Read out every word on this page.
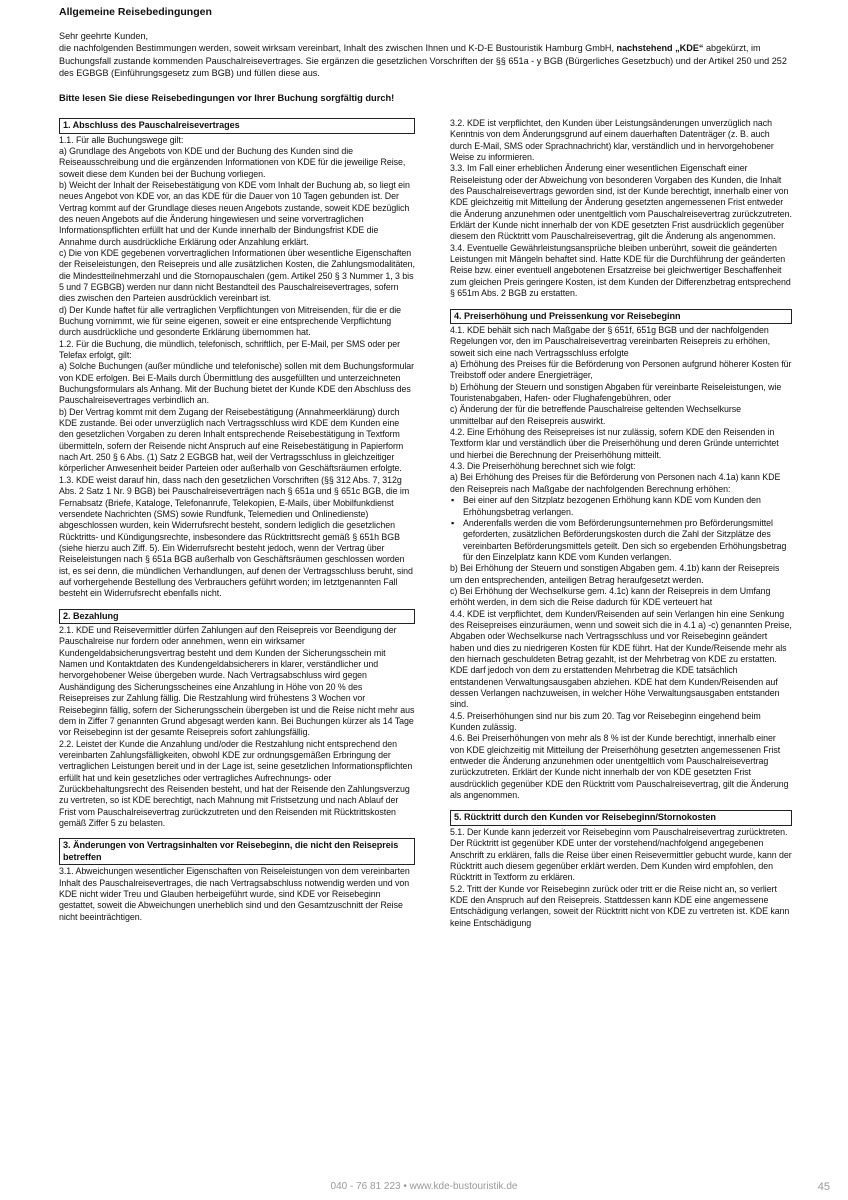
Allgemeine Reisebedingungen

Sehr geehrte Kunden,

die nachfolgenden Bestimmungen werden, soweit wirksam vereinbart, Inhalt des zwischen Ihnen und K-D-E Bustouristik Hamburg GmbH, nachstehend „KDE“ abgekürzt, im Buchungsfall zustande kommenden Pauschalreisevertrages. Sie ergänzen die gesetzlichen Vorschriften der §§ 651a - y BGB (Bürgerliches Gesetzbuch) und der Artikel 250 und 252 des EGBGB (Einführungsgesetz zum BGB) und füllen diese aus.

Bitte lesen Sie diese Reisebedingungen vor Ihrer Buchung sorgfältig durch!
1. Abschluss des Pauschalreisevertrages

1.1. Für alle Buchungswege gilt:

a) Grundlage des Angebots von KDE und der Buchung des Kunden sind die Reiseausschreibung und die ergänzenden Informationen von KDE für die jeweilige Reise, soweit diese dem Kunden bei der Buchung vorliegen.

b) Weicht der Inhalt der Reisebestätigung von KDE vom Inhalt der Buchung ab, so liegt ein neues Angebot von KDE vor, an das KDE für die Dauer von 10 Tagen gebunden ist. Der Vertrag kommt auf der Grundlage dieses neuen Angebots zustande, soweit KDE bezüglich des neuen Angebots auf die Änderung hingewiesen und seine vorvertraglichen Informationspflichten erfüllt hat und der Kunde innerhalb der Bindungsfrist KDE die Annahme durch ausdrückliche Erklärung oder Anzahlung erklärt.

c) Die von KDE gegebenen vorvertraglichen Informationen über wesentliche Eigenschaften der Reiseleistungen, den Reisepreis und alle zusätzlichen Kosten, die Zahlungsmodalitäten, die Mindestteilnehmerzahl und die Stornopauschalen (gem. Artikel 250 § 3 Nummer 1, 3 bis 5 und 7 EGBGB) werden nur dann nicht Bestandteil des Pauschalreisevertrages, sofern dies zwischen den Parteien ausdrücklich vereinbart ist.

d) Der Kunde haftet für alle vertraglichen Verpflichtungen von Mitreisenden, für die er die Buchung vornimmt, wie für seine eigenen, soweit er eine entsprechende Verpflichtung durch ausdrückliche und gesonderte Erklärung übernommen hat.

1.2. Für die Buchung, die mündlich, telefonisch, schriftlich, per E-Mail, per SMS oder per Telefax erfolgt, gilt:

a) Solche Buchungen (außer mündliche und telefonische) sollen mit dem Buchungsformular von KDE erfolgen. Bei E-Mails durch Übermittlung des ausgefüllten und unterzeichneten Buchungsformulars als Anhang. Mit der Buchung bietet der Kunde KDE den Abschluss des Pauschalreisevertrages verbindlich an.

b) Der Vertrag kommt mit dem Zugang der Reisebestätigung (Annahmeerklärung) durch KDE zustande. Bei oder unverzüglich nach Vertragsschluss wird KDE dem Kunden eine den gesetzlichen Vorgaben zu deren Inhalt entsprechende Reisebestätigung in Textform übermitteln, sofern der Reisende nicht Anspruch auf eine Reisebestätigung in Papierform nach Art. 250 § 6 Abs. (1) Satz 2 EGBGB hat, weil der Vertragsschluss in gleichzeitiger körperlicher Anwesenheit beider Parteien oder außerhalb von Geschäftsräumen erfolgte.

1.3. KDE weist darauf hin, dass nach den gesetzlichen Vorschriften (§§ 312 Abs. 7, 312g Abs. 2 Satz 1 Nr. 9 BGB) bei Pauschalreiseverträgen nach § 651a und § 651c BGB, die im Fernabsatz (Briefe, Kataloge, Telefonanrufe, Telekopien, E-Mails, über Mobilfunkdienst versendete Nachrichten (SMS) sowie Rundfunk, Telemedien und Onlinedienste) abgeschlossen wurden, kein Widerrufsrecht besteht, sondern lediglich die gesetzlichen Rücktritts- und Kündigungsrechte, insbesondere das Rücktrittsrecht gemäß § 651h BGB (siehe hierzu auch Ziff. 5). Ein Widerrufsrecht besteht jedoch, wenn der Vertrag über Reiseleistungen nach § 651a BGB außerhalb von Geschäftsräumen geschlossen worden ist, es sei denn, die mündlichen Verhandlungen, auf denen der Vertragsschluss beruht, sind auf vorhergehende Bestellung des Verbrauchers geführt worden; im letztgenannten Fall besteht ein Widerrufsrecht ebenfalls nicht.

2. Bezahlung

2.1. KDE und Reisevermittler dürfen Zahlungen auf den Reisepreis vor Beendigung der Pauschalreise nur fordern oder annehmen, wenn ein wirksamer Kundengeldabsicherungsvertrag besteht und dem Kunden der Sicherungsschein mit Namen und Kontaktdaten des Kundengeldabsicherers in klarer, verständlicher und hervorgehobener Weise übergeben wurde. Nach Vertragsabschluss wird gegen Aushändigung des Sicherungsscheines eine Anzahlung in Höhe von 20 % des Reisepreises zur Zahlung fällig. Die Restzahlung wird frühestens 3 Wochen vor Reisebeginn fällig, sofern der Sicherungsschein übergeben ist und die Reise nicht mehr aus dem in Ziffer 7 genannten Grund abgesagt werden kann. Bei Buchungen kürzer als 14 Tage vor Reisebeginn ist der gesamte Reisepreis sofort zahlungsfällig.

2.2. Leistet der Kunde die Anzahlung und/oder die Restzahlung nicht entsprechend den vereinbarten Zahlungsfälligkeiten, obwohl KDE zur ordnungsgemäßen Erbringung der vertraglichen Leistungen bereit und in der Lage ist, seine gesetzlichen Informationspflichten erfüllt hat und kein gesetzliches oder vertragliches Aufrechnungs- oder Zurückbehaltungsrecht des Reisenden besteht, und hat der Reisende den Zahlungsverzug zu vertreten, so ist KDE berechtigt, nach Mahnung mit Fristsetzung und nach Ablauf der Frist vom Pauschalreisevertrag zurückzutreten und den Reisenden mit Rücktrittskosten gemäß Ziffer 5 zu belasten.

3. Änderungen von Vertragsinhalten vor Reisebeginn, die nicht den Reisepreis betreffen

3.1. Abweichungen wesentlicher Eigenschaften von Reiseleistungen von dem vereinbarten Inhalt des Pauschalreisevertrages, die nach Vertragsabschluss notwendig werden und von KDE nicht wider Treu und Glauben herbeigeführt wurde, sind KDE vor Reisebeginn gestattet, soweit die Abweichungen unerheblich sind und den Gesamtzuschnitt der Reise nicht beeinträchtigen.

3.2. KDE ist verpflichtet, den Kunden über Leistungsänderungen unverzüglich nach Kenntnis von dem Änderungsgrund auf einem dauerhaften Datenträger (z. B. auch durch E-Mail, SMS oder Sprachnachricht) klar, verständlich und in hervorgehobener Weise zu informieren.

3.3. Im Fall einer erheblichen Änderung einer wesentlichen Eigenschaft einer Reiseleistung oder der Abweichung von besonderen Vorgaben des Kunden, die Inhalt des Pauschalreisevertrags geworden sind, ist der Kunde berechtigt, innerhalb einer von KDE gleichzeitig mit Mitteilung der Änderung gesetzten angemessenen Frist entweder die Änderung anzunehmen oder unentgeltlich vom Pauschalreisevertrag zurückzutreten. Erklärt der Kunde nicht innerhalb der von KDE gesetzten Frist ausdrücklich gegenüber diesem den Rücktritt vom Pauschalreisevertrag, gilt die Änderung als angenommen.

3.4. Eventuelle Gewährleistungsansprüche bleiben unberührt, soweit die geänderten Leistungen mit Mängeln behaftet sind. Hatte KDE für die Durchführung der geänderten Reise bzw. einer eventuell angebotenen Ersatzreise bei gleichwertiger Beschaffenheit zum gleichen Preis geringere Kosten, ist dem Kunden der Differenzbetrag entsprechend § 651m Abs. 2 BGB zu erstatten.

4. Preiserhöhung und Preissenkung vor Reisebeginn

4.1. KDE behält sich nach Maßgabe der § 651f, 651g BGB und der nachfolgenden Regelungen vor, den im Pauschalreisevertrag vereinbarten Reisepreis zu erhöhen, soweit sich eine nach Vertragsschluss erfolgte

a) Erhöhung des Preises für die Beförderung von Personen aufgrund höherer Kosten für Treibstoff oder andere Energieträger,

b) Erhöhung der Steuern und sonstigen Abgaben für vereinbarte Reiseleistungen, wie Touristenabgaben, Hafen- oder Flughafengebühren, oder

c) Änderung der für die betreffende Pauschalreise geltenden Wechselkurse

unmittelbar auf den Reisepreis auswirkt.

4.2. Eine Erhöhung des Reisepreises ist nur zulässig, sofern KDE den Reisenden in Textform klar und verständlich über die Preiserhöhung und deren Gründe unterrichtet und hierbei die Berechnung der Preiserhöhung mitteilt.

4.3. Die Preiserhöhung berechnet sich wie folgt:

a) Bei Erhöhung des Preises für die Beförderung von Personen nach 4.1a) kann KDE den Reisepreis nach Maßgabe der nachfolgenden Berechnung erhöhen:

▪ Bei einer auf den Sitzplatz bezogenen Erhöhung kann KDE vom Kunden den Erhöhungsbetrag verlangen.
▪ Anderenfalls werden die vom Beförderungsunternehmen pro Beförderungsmittel geforderten, zusätzlichen Beförderungskosten durch die Zahl der Sitzplätze des vereinbarten Beförderungsmittels geteilt. Den sich so ergebenden Erhöhungsbetrag für den Einzelplatz kann KDE vom Kunden verlangen.

b) Bei Erhöhung der Steuern und sonstigen Abgaben gem. 4.1b) kann der Reisepreis um den entsprechenden, anteiligen Betrag heraufgesetzt werden.

c) Bei Erhöhung der Wechselkurse gem. 4.1c) kann der Reisepreis in dem Umfang erhöht werden, in dem sich die Reise dadurch für KDE verteuert hat

4.4. KDE ist verpflichtet, dem Kunden/Reisenden auf sein Verlangen hin eine Senkung des Reisepreises einzuräumen, wenn und soweit sich die in 4.1 a) -c) genannten Preise, Abgaben oder Wechselkurse nach Vertragsschluss und vor Reisebeginn geändert haben und dies zu niedrigeren Kosten für KDE führt. Hat der Kunde/Reisende mehr als den hiernach geschuldeten Betrag gezahlt, ist der Mehrbetrag von KDE zu erstatten. KDE darf jedoch von dem zu erstattenden Mehrbetrag die KDE tatsächlich entstandenen Verwaltungsausgaben abziehen. KDE hat dem Kunden/Reisenden auf dessen Verlangen nachzuweisen, in welcher Höhe Verwaltungsausgaben entstanden sind.

4.5. Preiserhöhungen sind nur bis zum 20. Tag vor Reisebeginn eingehend beim Kunden zulässig.

4.6. Bei Preiserhöhungen von mehr als 8 % ist der Kunde berechtigt, innerhalb einer von KDE gleichzeitig mit Mitteilung der Preiserhöhung gesetzten angemessenen Frist entweder die Änderung anzunehmen oder unentgeltlich vom Pauschalreisevertrag zurückzutreten. Erklärt der Kunde nicht innerhalb der von KDE gesetzten Frist ausdrücklich gegenüber KDE den Rücktritt vom Pauschalreisevertrag, gilt die Änderung als angenommen.

5. Rücktritt durch den Kunden vor Reisebeginn/Stornokosten

5.1. Der Kunde kann jederzeit vor Reisebeginn vom Pauschalreisevertrag zurücktreten. Der Rücktritt ist gegenüber KDE unter der vorstehend/nachfolgend angegebenen Anschrift zu erklären, falls die Reise über einen Reisevermittler gebucht wurde, kann der Rücktritt auch diesem gegenüber erklärt werden. Dem Kunden wird empfohlen, den Rücktritt in Textform zu erklären.

5.2. Tritt der Kunde vor Reisebeginn zurück oder tritt er die Reise nicht an, so verliert KDE den Anspruch auf den Reisepreis. Stattdessen kann KDE eine angemessene Entschädigung verlangen, soweit der Rücktritt nicht von KDE zu vertreten ist. KDE kann keine Entschädigung

040 - 76 81 223 • www.kde-bustouristik.de	45
